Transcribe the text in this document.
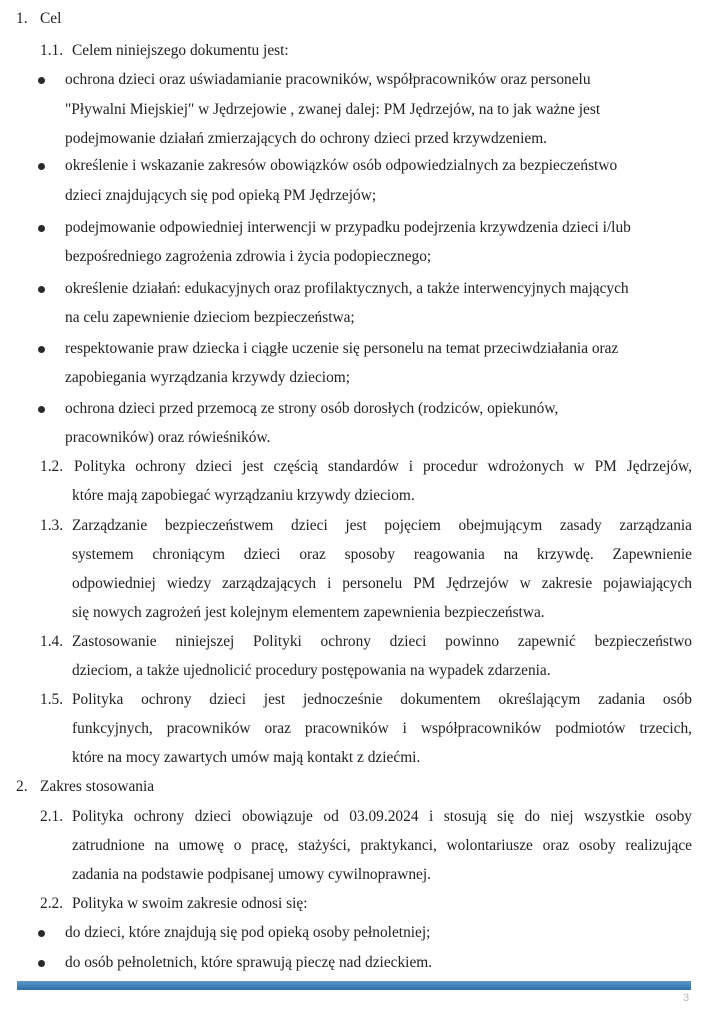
1. Cel
1.1. Celem niniejszego dokumentu jest:
ochrona dzieci oraz uświadamianie pracowników, współpracowników oraz personelu
"Pływalni Miejskiej" w Jędrzejowie , zwanej dalej: PM Jędrzejów, na to jak ważne jest
podejmowanie działań zmierzających do ochrony dzieci przed krzywdzeniem.
określenie i wskazanie zakresów obowiązków osób odpowiedzialnych za bezpieczeństwo
dzieci znajdujących się pod opieką PM Jędrzejów;
podejmowanie odpowiedniej interwencji w przypadku podejrzenia krzywdzenia dzieci i/lub
bezpośredniego zagrożenia zdrowia i życia podopiecznego;
określenie działań: edukacyjnych oraz profilaktycznych, a także interwencyjnych mających
na celu zapewnienie dzieciom bezpieczeństwa;
respektowanie praw dziecka i ciągłe uczenie się personelu na temat przeciwdziałania oraz
zapobiegania wyrządzania krzywdy dzieciom;
ochrona dzieci przed przemocą ze strony osób dorosłych (rodziców, opiekunów,
pracowników) oraz rówieśników.
1.2. Polityka ochrony dzieci jest częścią standardów i procedur wdrożonych w PM Jędrzejów,
które mają zapobiegać wyrządzaniu krzywdy dzieciom.
1.3. Zarządzanie bezpieczeństwem dzieci jest pojęciem obejmującym zasady zarządzania
systemem chroniącym dzieci oraz sposoby reagowania na krzywdę. Zapewnienie
odpowiedniej wiedzy zarządzających i personelu PM Jędrzejów w zakresie pojawiających
się nowych zagrożeń jest kolejnym elementem zapewnienia bezpieczeństwa.
1.4. Zastosowanie niniejszej Polityki ochrony dzieci powinno zapewnić bezpieczeństwo
dzieciom, a także ujednolicić procedury postępowania na wypadek zdarzenia.
1.5. Polityka ochrony dzieci jest jednocześnie dokumentem określającym zadania osób
funkcyjnych, pracowników oraz pracowników i współpracowników podmiotów trzecich,
które na mocy zawartych umów mają kontakt z dziećmi.
2. Zakres stosowania
2.1. Polityka ochrony dzieci obowiązuje od 03.09.2024 i stosują się do niej wszystkie osoby
zatrudnione na umowę o pracę, stażyści, praktykanci, wolontariusze oraz osoby realizujące
zadania na podstawie podpisanej umowy cywilnoprawnej.
2.2. Polityka w swoim zakresie odnosi się:
do dzieci, które znajdują się pod opieką osoby pełnoletniej;
do osób pełnoletnich, które sprawują pieczę nad dzieckiem.
3
